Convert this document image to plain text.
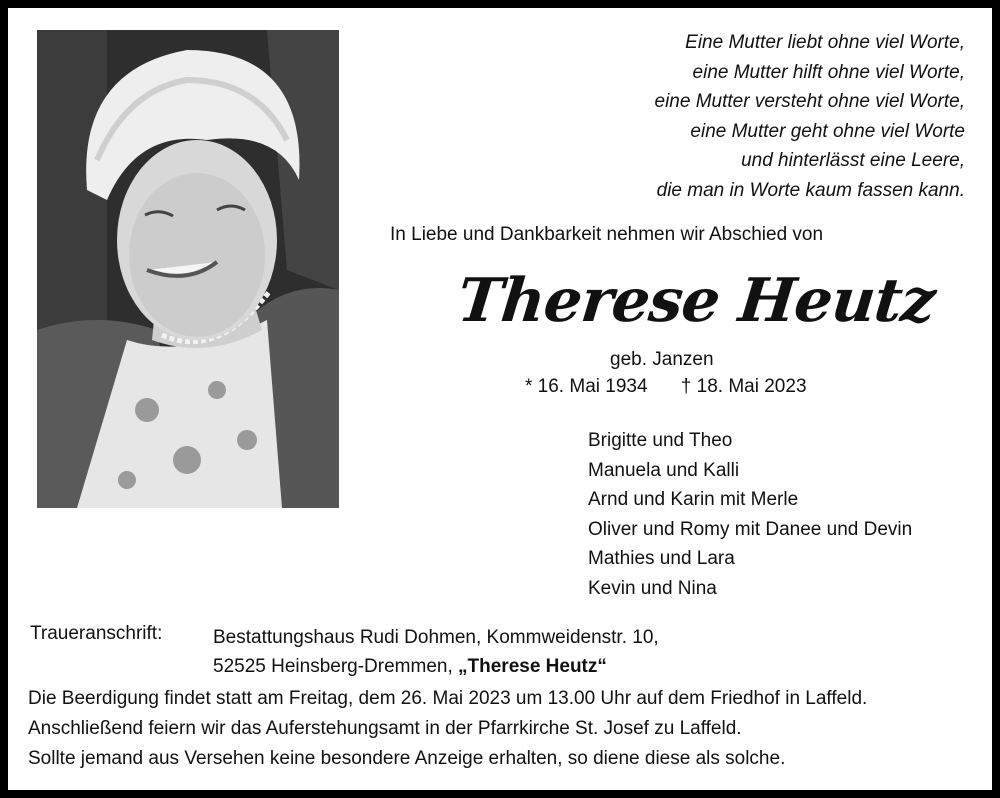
Eine Mutter liebt ohne viel Worte,
eine Mutter hilft ohne viel Worte,
eine Mutter versteht ohne viel Worte,
eine Mutter geht ohne viel Worte
und hinterlässt eine Leere,
die man in Worte kaum fassen kann.
In Liebe und Dankbarkeit nehmen wir Abschied von
Therese Heutz
geb. Janzen
* 16. Mai 1934 † 18. Mai 2023
Brigitte und Theo
Manuela und Kalli
Arnd und Karin mit Merle
Oliver und Romy mit Danee und Devin
Mathies und Lara
Kevin und Nina
Traueranschrift:	Bestattungshaus Rudi Dohmen, Kommweidenstr. 10,
52525 Heinsberg-Dremmen, „Therese Heutz“
Die Beerdigung findet statt am Freitag, dem 26. Mai 2023 um 13.00 Uhr auf dem Friedhof in Laffeld.
Anschließend feiern wir das Auferstehungsamt in der Pfarrkirche St. Josef zu Laffeld.
Sollte jemand aus Versehen keine besondere Anzeige erhalten, so diene diese als solche.
